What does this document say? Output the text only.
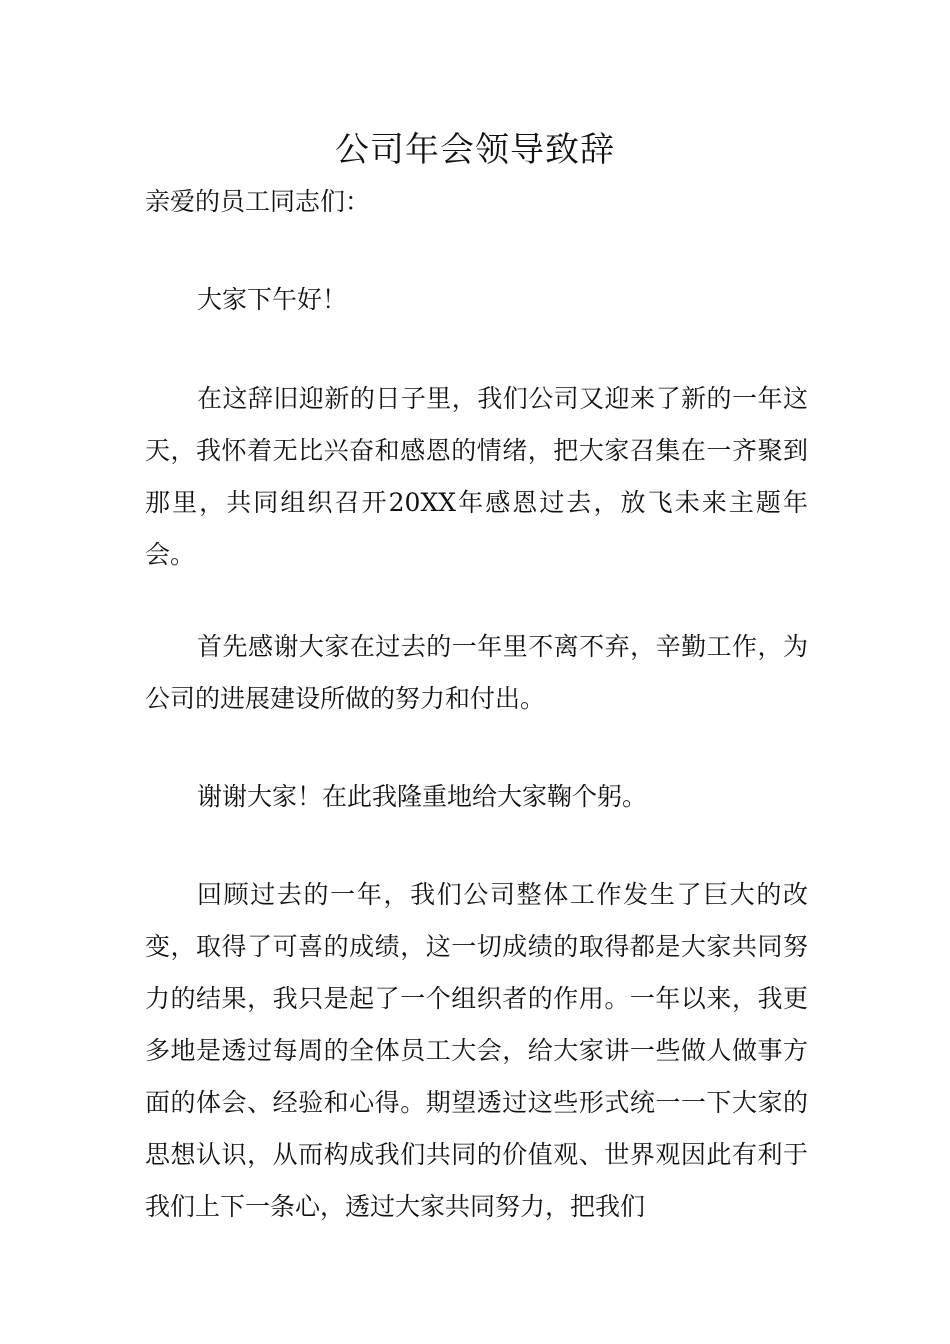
公司年会领导致辞
亲爱的员工同志们：

大家下午好！

在这辞旧迎新的日子里，我们公司又迎来了新的一年这天，我怀着无比兴奋和感恩的情绪，把大家召集在一齐聚到那里，共同组织召开20XX年感恩过去，放飞未来主题年会。

首先感谢大家在过去的一年里不离不弃，辛勤工作，为公司的进展建设所做的努力和付出。

谢谢大家！在此我隆重地给大家鞠个躬。

回顾过去的一年，我们公司整体工作发生了巨大的改变，取得了可喜的成绩，这一切成绩的取得都是大家共同努力的结果，我只是起了一个组织者的作用。一年以来，我更多地是透过每周的全体员工大会，给大家讲一些做人做事方面的体会、经验和心得。期望透过这些形式统一一下大家的思想认识，从而构成我们共同的价值观、世界观因此有利于我们上下一条心，透过大家共同努力，把我们
